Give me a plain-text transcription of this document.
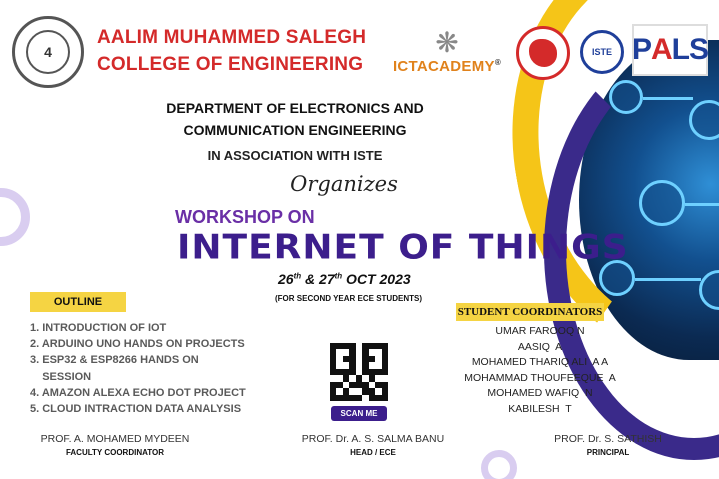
4
AALIM MUHAMMED SALEGH
COLLEGE OF ENGINEERING
❋
ICTACADEMY®
ISTE P A LS
DEPARTMENT OF ELECTRONICS AND
COMMUNICATION ENGINEERING
IN ASSOCIATION WITH ISTE
Organizes
WORKSHOP ON
INTERNET OF THINGS
26th & 27th OCT 2023
(FOR SECOND YEAR ECE STUDENTS)
OUTLINE
1. INTRODUCTION OF IOT
2. ARDUINO UNO HANDS ON PROJECTS
3. ESP32 & ESP8266 HANDS ON
SESSION
4. AMAZON ALEXA ECHO DOT PROJECT
5. CLOUD INTRACTION DATA ANALYSIS	SCAN ME
STUDENT COORDINATORS
UMAR FAROOQ N
AASIQ  A
MOHAMED THARIQ ALI  A A
MOHAMMAD THOUFEEQUE  A
MOHAMED WAFIQ  N
KABILESH  T
PROF. A. MOHAMED MYDEEN
FACULTY COORDINATOR
PROF. Dr. A. S. SALMA BANU
HEAD / ECE
PROF. Dr. S. SATHISH
PRINCIPAL
